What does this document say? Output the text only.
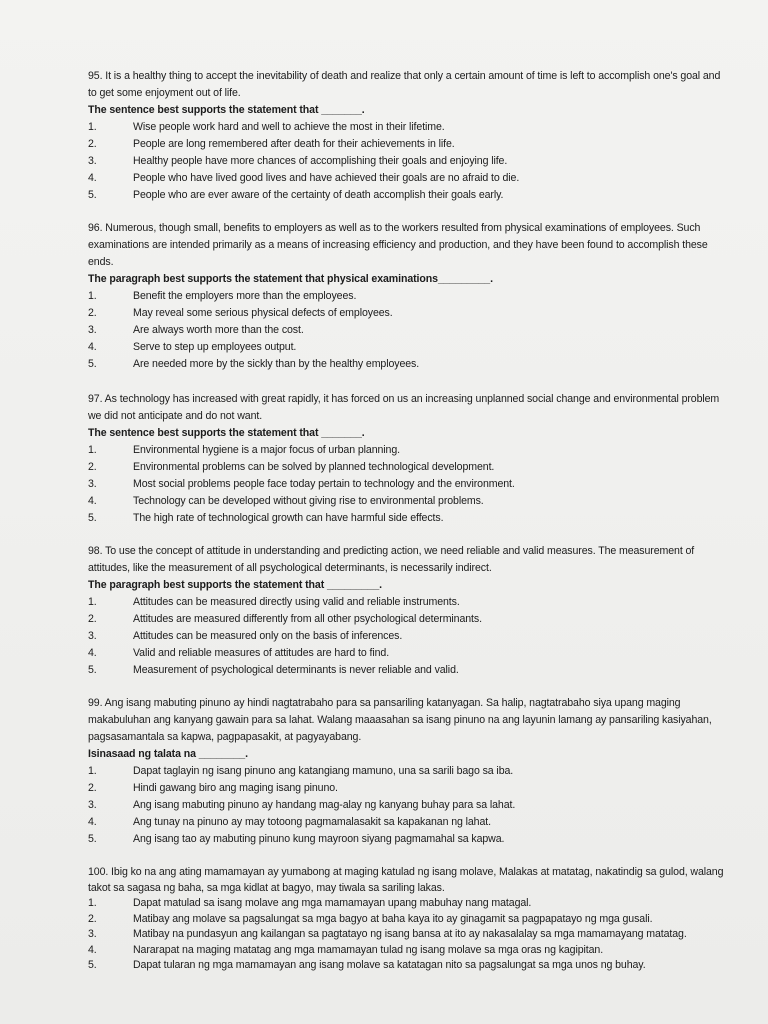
95. It is a healthy thing to accept the inevitability of death and realize that only a certain amount of time is left to accomplish one's goal and to get some enjoyment out of life.

The sentence best supports the statement that _______.

1.	Wise people work hard and well to achieve the most in their lifetime.
2.	People are long remembered after death for their achievements in life.
3.	Healthy people have more chances of accomplishing their goals and enjoying life.
4.	People who have lived good lives and have achieved their goals are no afraid to die.
5.	People who are ever aware of the certainty of death accomplish their goals early.

96. Numerous, though small, benefits to employers as well as to the workers resulted from physical examinations of employees. Such examinations are intended primarily as a means of increasing efficiency and production, and they have been found to accomplish these ends.

The paragraph best supports the statement that physical examinations_________.

1.	Benefit the employers more than the employees.
2.	May reveal some serious physical defects of employees.
3.	Are always worth more than the cost.
4.	Serve to step up employees output.
5.	Are needed more by the sickly than by the healthy employees.

97. As technology has increased with great rapidly, it has forced on us an increasing unplanned social change and environmental problem we did not anticipate and do not want.

The sentence best supports the statement that _______.

1.	Environmental hygiene is a major focus of urban planning.
2.	Environmental problems can be solved by planned technological development.
3.	Most social problems people face today pertain to technology and the environment.
4.	Technology can be developed without giving rise to environmental problems.
5.	The high rate of technological growth can have harmful side effects.

98. To use the concept of attitude in understanding and predicting action, we need reliable and valid measures. The measurement of attitudes, like the measurement of all psychological determinants, is necessarily indirect.

The paragraph best supports the statement that _________.

1.	Attitudes can be measured directly using valid and reliable instruments.
2.	Attitudes are measured differently from all other psychological determinants.
3.	Attitudes can be measured only on the basis of inferences.
4.	Valid and reliable measures of attitudes are hard to find.
5.	Measurement of psychological determinants is never reliable and valid.

99. Ang isang mabuting pinuno ay hindi nagtatrabaho para sa pansariling katanyagan. Sa halip, nagtatrabaho siya upang maging makabuluhan ang kanyang gawain para sa lahat. Walang maaasahan sa isang pinuno na ang layunin lamang ay pansariling kasiyahan, pagsasamantala sa kapwa, pagpapasakit, at pagyayabang.

Isinasaad ng talata na ________.

1.	Dapat taglayin ng isang pinuno ang katangiang mamuno, una sa sarili bago sa iba.
2.	Hindi gawang biro ang maging isang pinuno.
3.	Ang isang mabuting pinuno ay handang mag-alay ng kanyang buhay para sa lahat.
4.	Ang tunay na pinuno ay may totoong pagmamalasakit sa kapakanan ng lahat.
5.	Ang isang tao ay mabuting pinuno kung mayroon siyang pagmamahal sa kapwa.

100. Ibig ko na ang ating mamamayan ay yumabong at maging katulad ng isang molave, Malakas at matatag, nakatindig sa gulod, walang takot sa sagasa ng baha, sa mga kidlat at bagyo, may tiwala sa sariling lakas.

1.	Dapat matulad sa isang molave ang mga mamamayan upang mabuhay nang matagal.
2.	Matibay ang molave sa pagsalungat sa mga bagyo at baha kaya ito ay ginagamit sa pagpapatayo ng mga gusali.
3.	Matibay na pundasyun ang kailangan sa pagtatayo ng isang bansa at ito ay nakasalalay sa mga mamamayang matatag.
4.	Nararapat na maging matatag ang mga mamamayan tulad ng isang molave sa mga oras ng kagipitan.
5.	Dapat tularan ng mga mamamayan ang isang molave sa katatagan nito sa pagsalungat sa mga unos ng buhay.
